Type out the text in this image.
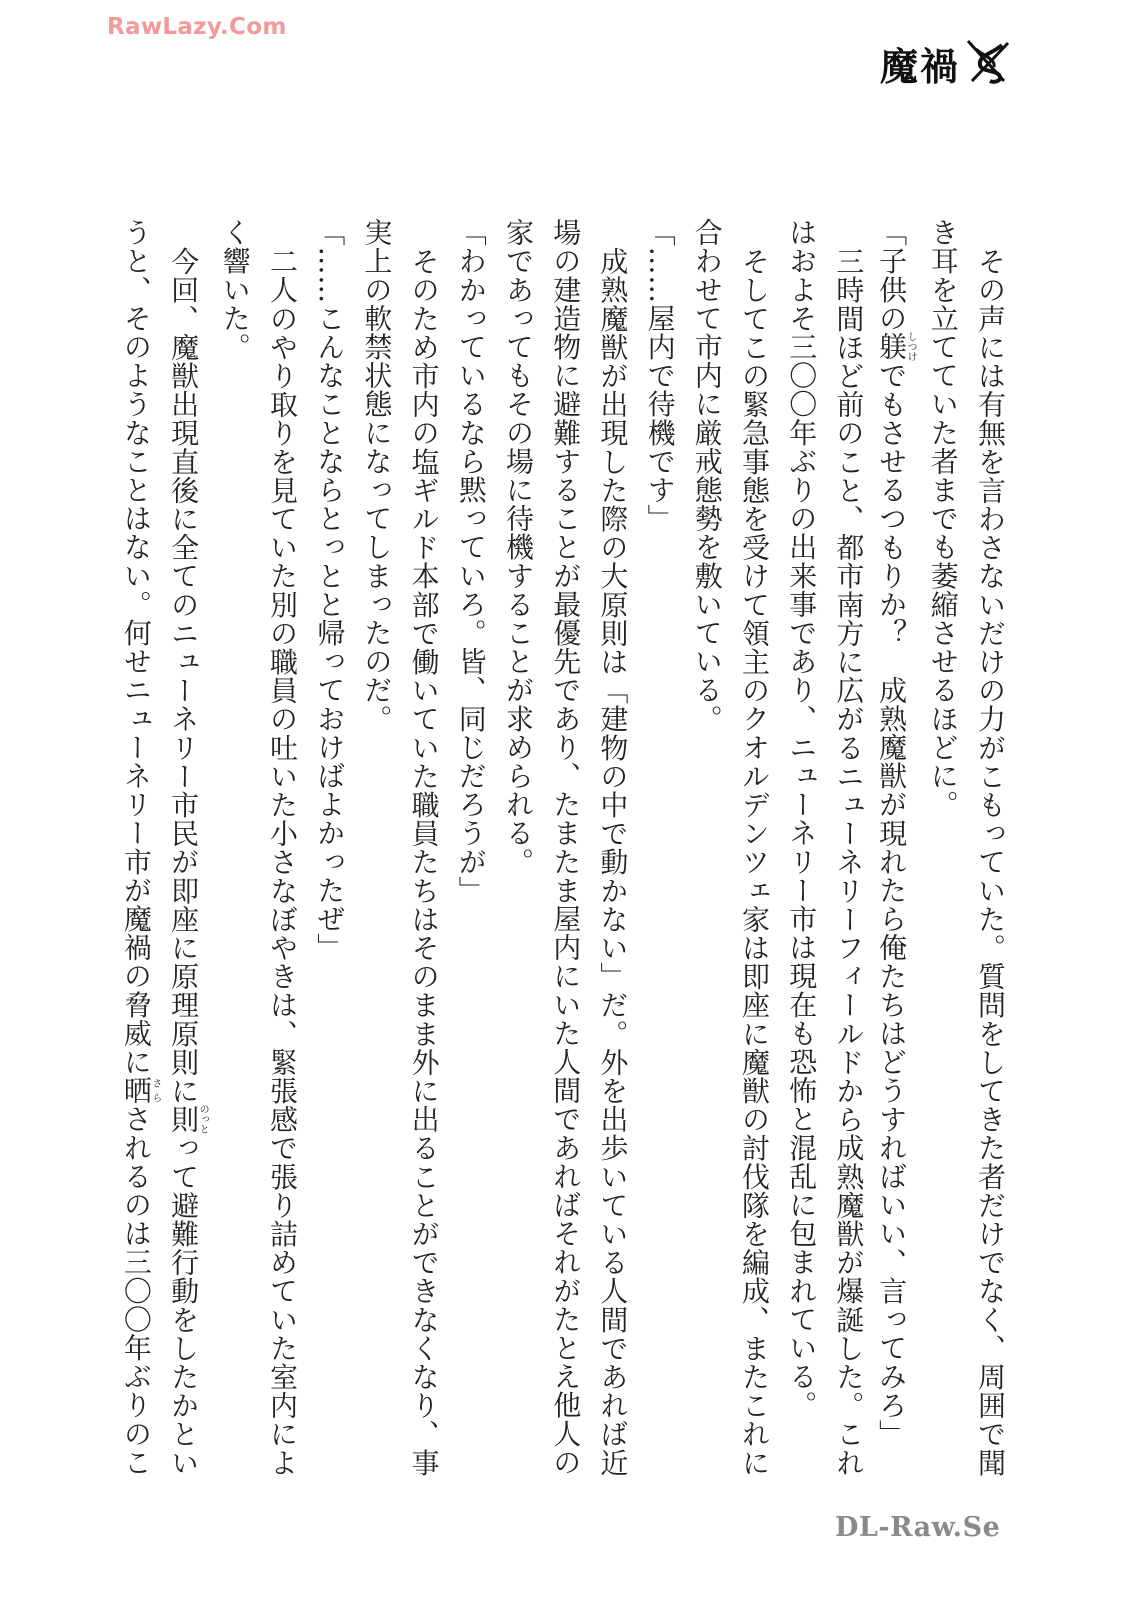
RawLazy.Com
魔禍
その声には有無を言わさないだけの力がこもっていた。質問をしてきた者だけでなく、周囲で聞
き耳を立てていた者までも萎縮させるほどに。
「子供の躾しつけでもさせるつもりか？　成熟魔獣が現れたら俺たちはどうすればいい、言ってみろ」
三時間ほど前のこと、都市南方に広がるニューネリーフィールドから成熟魔獣が爆誕した。これ
はおよそ三〇〇年ぶりの出来事であり、ニューネリー市は現在も恐怖と混乱に包まれている。
そしてこの緊急事態を受けて領主のクオルデンツェ家は即座に魔獣の討伐隊を編成、またこれに
合わせて市内に厳戒態勢を敷いている。
「……屋内で待機です」
成熟魔獣が出現した際の大原則は「建物の中で動かない」だ。外を出歩いている人間であれば近
場の建造物に避難することが最優先であり、たまたま屋内にいた人間であればそれがたとえ他人の
家であってもその場に待機することが求められる。
「わかっているなら黙っていろ。皆、同じだろうが」
そのため市内の塩ギルド本部で働いていた職員たちはそのまま外に出ることができなくなり、事
実上の軟禁状態になってしまったのだ。
「……こんなことならとっとと帰っておけばよかったぜ」
二人のやり取りを見ていた別の職員の吐いた小さなぼやきは、緊張感で張り詰めていた室内によ
く響いた。
今回、魔獣出現直後に全てのニューネリー市民が即座に原理原則に則のっとって避難行動をしたかとい
うと、そのようなことはない。何せニューネリー市が魔禍の脅威に晒さらされるのは三〇〇年ぶりのこ
DL-Raw.Se
